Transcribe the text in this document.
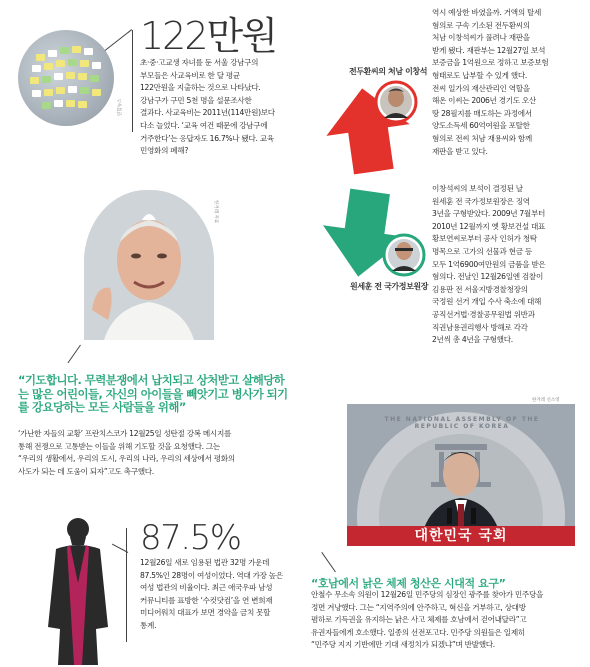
연합뉴스
122만원

초·중·고교생 자녀를 둔 서울 강남구의

부모들은 사교육비로 한 달 평균

122만원을 지출하는 것으로 나타났다.

강남구가 구민 5천 명을 설문조사한

결과다. 사교육비는 2011년(114만원)보다

다소 늘었다. ‘교육 여건 때문에 강남구에

거주한다’는 응답자도 16.7%나 됐다. 교육

민영화의 폐해?

한겨레 자료
“기도합니다. 무력분쟁에서 납치되고 상처받고 살해당하는 많은 어린이들, 자신의 아이들을 빼앗기고 병사가 되기를 강요당하는 모든 사람들을 위해”

‘가난한 자들의 교황’ 프란치스코가 12월25일 성탄절 강복 메시지를

통해 전쟁으로 고통받는 이들을 위해 기도할 것을 요청했다. 그는

“우리의 생활에서, 우리의 도시, 우리의 나라, 우리의 세상에서 평화의

사도가 되는 데 도움이 되자”고도 촉구했다.

전두환씨의 처남 이창석

역시 예상한 바였을까. 거액의 탈세

혐의로 구속 기소된 전두환씨의

처남 이창석씨가 풀려나 재판을

받게 됐다. 재판부는 12월27일 보석

보증금을 1억원으로 정하고 보증보험

형태로도 납부할 수 있게 했다.

전씨 일가의 재산관리인 역할을

해온 이씨는 2006년 경기도 오산

땅 28필지를 매도하는 과정에서

양도소득세 60억여원을 포탈한

혐의로 전씨 처남 재용씨와 함께

재판을 받고 있다.

원세훈 전 국가정보원장

이창석씨의 보석이 결정된 날

원세훈 전 국가정보원장은 징역

3년을 구형받았다. 2009년 7월부터

2010년 12월까지 옛 황보건설 대표

황보연씨로부터 공사 인허가 청탁

명목으로 고가의 선물과 현금 등

모두 1억6900여만원의 금품을 받은

혐의다. 전날인 12월26일엔 검찰이

김용판 전 서울지방경찰청장의

국정원 선거 개입 수사 축소에 대해

공직선거법·경찰공무원법 위반과

직권남용권리행사 방해로 각각

2년씩 총 4년을 구형했다.

한겨레 신소영
THE NATIONAL ASSEMBLY OF THE REPUBLIC OF KOREA
대한민국 국회
“호남에서 낡은 체제 청산은 시대적 요구”

안철수 무소속 의원이 12월26일 민주당의 심장인 광주를 찾아가 민주당을

정면 겨냥했다. 그는 “지역주의에 안주하고, 혁신을 거부하고, 상대방

폄하로 기득권을 유지하는 낡은 사고 체제를 호남에서 걷어내달라”고

유권자들에게 호소했다. 일종의 선전포고다. 민주당 의원들은 일제히

“민주당 지지 기반에만 기대 새정치가 되겠냐”며 반발했다.

87.5%

12월26일 새로 임용된 법관 32명 가운데

87.5%인 28명이 여성이었다. 역대 가장 높은

여성 법관의 비율이다. 최근 애국우파 남성

커뮤니티를 표방한 ‘수컷닷컴’을 연 변희재

미디어워치 대표가 보면 경악을 금치 못할

통계.
